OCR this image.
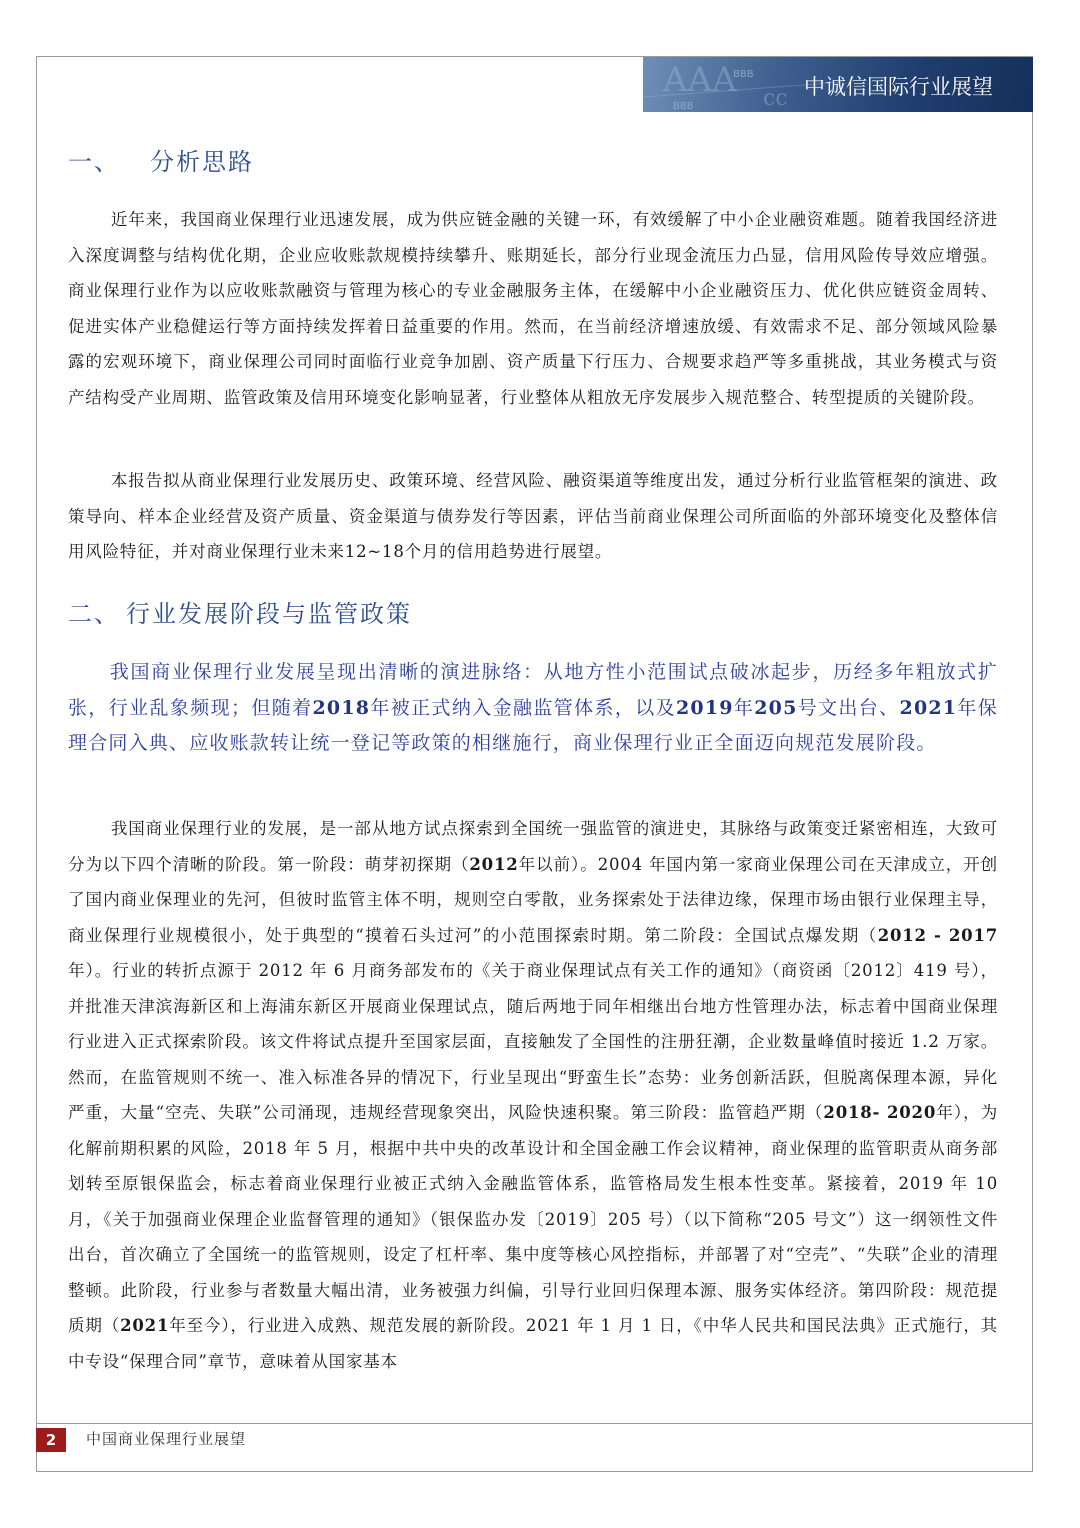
AAA cc
BBB
BBB
中诚信国际行业展望
一、 分析思路

近年来，我国商业保理行业迅速发展，成为供应链金融的关键一环，有效缓解了中小企业融资难题。随着我国经济进入深度调整与结构优化期，企业应收账款规模持续攀升、账期延长，部分行业现金流压力凸显，信用风险传导效应增强。商业保理行业作为以应收账款融资与管理为核心的专业金融服务主体，在缓解中小企业融资压力、优化供应链资金周转、促进实体产业稳健运行等方面持续发挥着日益重要的作用。然而，在当前经济增速放缓、有效需求不足、部分领域风险暴露的宏观环境下，商业保理公司同时面临行业竞争加剧、资产质量下行压力、合规要求趋严等多重挑战，其业务模式与资产结构受产业周期、监管政策及信用环境变化影响显著，行业整体从粗放无序发展步入规范整合、转型提质的关键阶段。

本报告拟从商业保理行业发展历史、政策环境、经营风险、融资渠道等维度出发，通过分析行业监管框架的演进、政策导向、样本企业经营及资产质量、资金渠道与债券发行等因素，评估当前商业保理公司所面临的外部环境变化及整体信用风险特征，并对商业保理行业未来12~18个月的信用趋势进行展望。

二、 行业发展阶段与监管政策

我国商业保理行业发展呈现出清晰的演进脉络：从地方性小范围试点破冰起步，历经多年粗放式扩张，行业乱象频现；但随着2018年被正式纳入金融监管体系，以及2019年205号文出台、2021年保理合同入典、应收账款转让统一登记等政策的相继施行，商业保理行业正全面迈向规范发展阶段。

我国商业保理行业的发展，是一部从地方试点探索到全国统一强监管的演进史，其脉络与政策变迁紧密相连，大致可分为以下四个清晰的阶段。第一阶段：萌芽初探期（2012年以前）。2004 年国内第一家商业保理公司在天津成立，开创了国内商业保理业的先河，但彼时监管主体不明，规则空白零散，业务探索处于法律边缘，保理市场由银行业保理主导，商业保理行业规模很小，处于典型的“摸着石头过河”的小范围探索时期。第二阶段：全国试点爆发期（2012 - 2017年）。行业的转折点源于 2012 年 6 月商务部发布的《关于商业保理试点有关工作的通知》（商资函〔2012〕419 号），并批准天津滨海新区和上海浦东新区开展商业保理试点，随后两地于同年相继出台地方性管理办法，标志着中国商业保理行业进入正式探索阶段。该文件将试点提升至国家层面，直接触发了全国性的注册狂潮，企业数量峰值时接近 1.2 万家。然而，在监管规则不统一、准入标准各异的情况下，行业呈现出“野蛮生长”态势：业务创新活跃，但脱离保理本源，异化严重，大量“空壳、失联”公司涌现，违规经营现象突出，风险快速积聚。第三阶段：监管趋严期（2018- 2020年），为化解前期积累的风险，2018 年 5 月，根据中共中央的改革设计和全国金融工作会议精神，商业保理的监管职责从商务部划转至原银保监会，标志着商业保理行业被正式纳入金融监管体系，监管格局发生根本性变革。紧接着，2019 年 10 月，《关于加强商业保理企业监督管理的通知》（银保监办发〔2019〕205 号）（以下简称“205 号文”）这一纲领性文件出台，首次确立了全国统一的监管规则，设定了杠杆率、集中度等核心风控指标，并部署了对“空壳”、“失联”企业的清理整顿。此阶段，行业参与者数量大幅出清，业务被强力纠偏，引导行业回归保理本源、服务实体经济。第四阶段：规范提质期（2021年至今），行业进入成熟、规范发展的新阶段。2021 年 1 月 1 日，《中华人民共和国民法典》正式施行，其中专设“保理合同”章节，意味着从国家基本

2	中国商业保理行业展望
